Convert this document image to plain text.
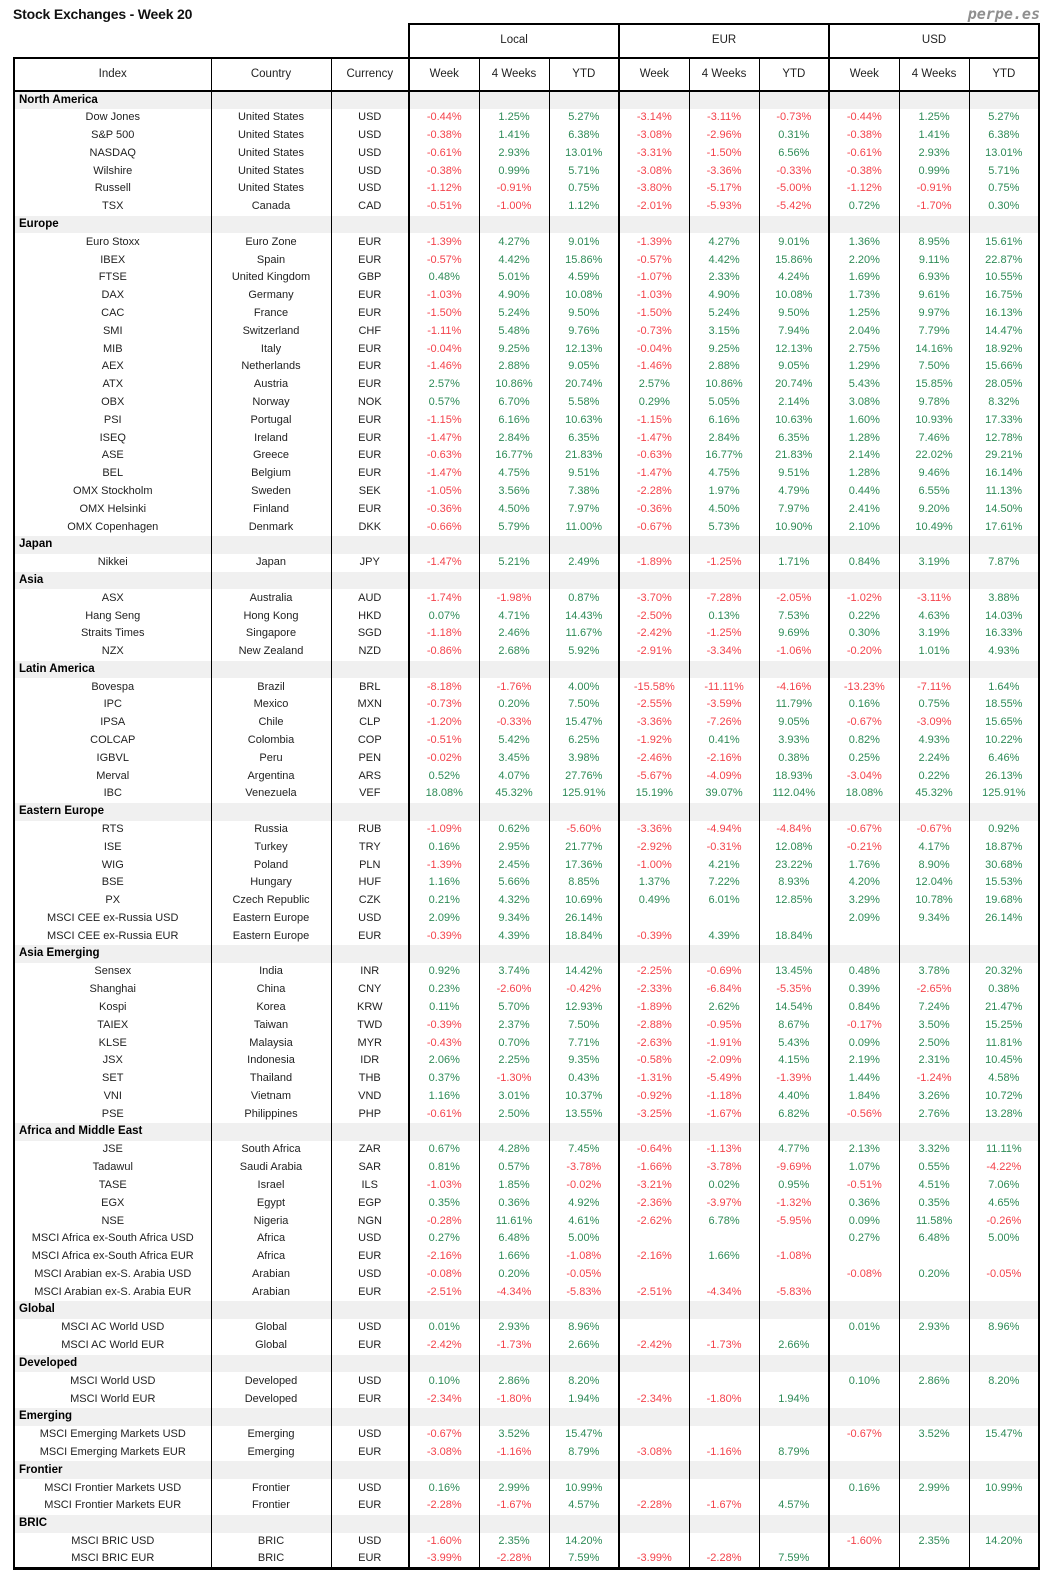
Stock Exchanges - Week 20	perpe.es
			Local			EUR			USD		
Index	Country	Currency	Week	4 Weeks	YTD	Week	4 Weeks	YTD	Week	4 Weeks	YTD
North America											
Dow Jones	United States	USD	-0.44%	1.25%	5.27%	-3.14%	-3.11%	-0.73%	-0.44%	1.25%	5.27%
S&P 500	United States	USD	-0.38%	1.41%	6.38%	-3.08%	-2.96%	0.31%	-0.38%	1.41%	6.38%
NASDAQ	United States	USD	-0.61%	2.93%	13.01%	-3.31%	-1.50%	6.56%	-0.61%	2.93%	13.01%
Wilshire	United States	USD	-0.38%	0.99%	5.71%	-3.08%	-3.36%	-0.33%	-0.38%	0.99%	5.71%
Russell	United States	USD	-1.12%	-0.91%	0.75%	-3.80%	-5.17%	-5.00%	-1.12%	-0.91%	0.75%
TSX	Canada	CAD	-0.51%	-1.00%	1.12%	-2.01%	-5.93%	-5.42%	0.72%	-1.70%	0.30%
Europe											
Euro Stoxx	Euro Zone	EUR	-1.39%	4.27%	9.01%	-1.39%	4.27%	9.01%	1.36%	8.95%	15.61%
IBEX	Spain	EUR	-0.57%	4.42%	15.86%	-0.57%	4.42%	15.86%	2.20%	9.11%	22.87%
FTSE	United Kingdom	GBP	0.48%	5.01%	4.59%	-1.07%	2.33%	4.24%	1.69%	6.93%	10.55%
DAX	Germany	EUR	-1.03%	4.90%	10.08%	-1.03%	4.90%	10.08%	1.73%	9.61%	16.75%
CAC	France	EUR	-1.50%	5.24%	9.50%	-1.50%	5.24%	9.50%	1.25%	9.97%	16.13%
SMI	Switzerland	CHF	-1.11%	5.48%	9.76%	-0.73%	3.15%	7.94%	2.04%	7.79%	14.47%
MIB	Italy	EUR	-0.04%	9.25%	12.13%	-0.04%	9.25%	12.13%	2.75%	14.16%	18.92%
AEX	Netherlands	EUR	-1.46%	2.88%	9.05%	-1.46%	2.88%	9.05%	1.29%	7.50%	15.66%
ATX	Austria	EUR	2.57%	10.86%	20.74%	2.57%	10.86%	20.74%	5.43%	15.85%	28.05%
OBX	Norway	NOK	0.57%	6.70%	5.58%	0.29%	5.05%	2.14%	3.08%	9.78%	8.32%
PSI	Portugal	EUR	-1.15%	6.16%	10.63%	-1.15%	6.16%	10.63%	1.60%	10.93%	17.33%
ISEQ	Ireland	EUR	-1.47%	2.84%	6.35%	-1.47%	2.84%	6.35%	1.28%	7.46%	12.78%
ASE	Greece	EUR	-0.63%	16.77%	21.83%	-0.63%	16.77%	21.83%	2.14%	22.02%	29.21%
BEL	Belgium	EUR	-1.47%	4.75%	9.51%	-1.47%	4.75%	9.51%	1.28%	9.46%	16.14%
OMX Stockholm	Sweden	SEK	-1.05%	3.56%	7.38%	-2.28%	1.97%	4.79%	0.44%	6.55%	11.13%
OMX Helsinki	Finland	EUR	-0.36%	4.50%	7.97%	-0.36%	4.50%	7.97%	2.41%	9.20%	14.50%
OMX Copenhagen	Denmark	DKK	-0.66%	5.79%	11.00%	-0.67%	5.73%	10.90%	2.10%	10.49%	17.61%
Japan											
Nikkei	Japan	JPY	-1.47%	5.21%	2.49%	-1.89%	-1.25%	1.71%	0.84%	3.19%	7.87%
Asia											
ASX	Australia	AUD	-1.74%	-1.98%	0.87%	-3.70%	-7.28%	-2.05%	-1.02%	-3.11%	3.88%
Hang Seng	Hong Kong	HKD	0.07%	4.71%	14.43%	-2.50%	0.13%	7.53%	0.22%	4.63%	14.03%
Straits Times	Singapore	SGD	-1.18%	2.46%	11.67%	-2.42%	-1.25%	9.69%	0.30%	3.19%	16.33%
NZX	New Zealand	NZD	-0.86%	2.68%	5.92%	-2.91%	-3.34%	-1.06%	-0.20%	1.01%	4.93%
Latin America											
Bovespa	Brazil	BRL	-8.18%	-1.76%	4.00%	-15.58%	-11.11%	-4.16%	-13.23%	-7.11%	1.64%
IPC	Mexico	MXN	-0.73%	0.20%	7.50%	-2.55%	-3.59%	11.79%	0.16%	0.75%	18.55%
IPSA	Chile	CLP	-1.20%	-0.33%	15.47%	-3.36%	-7.26%	9.05%	-0.67%	-3.09%	15.65%
COLCAP	Colombia	COP	-0.51%	5.42%	6.25%	-1.92%	0.41%	3.93%	0.82%	4.93%	10.22%
IGBVL	Peru	PEN	-0.02%	3.45%	3.98%	-2.46%	-2.16%	0.38%	0.25%	2.24%	6.46%
Merval	Argentina	ARS	0.52%	4.07%	27.76%	-5.67%	-4.09%	18.93%	-3.04%	0.22%	26.13%
IBC	Venezuela	VEF	18.08%	45.32%	125.91%	15.19%	39.07%	112.04%	18.08%	45.32%	125.91%
Eastern Europe											
RTS	Russia	RUB	-1.09%	0.62%	-5.60%	-3.36%	-4.94%	-4.84%	-0.67%	-0.67%	0.92%
ISE	Turkey	TRY	0.16%	2.95%	21.77%	-2.92%	-0.31%	12.08%	-0.21%	4.17%	18.87%
WIG	Poland	PLN	-1.39%	2.45%	17.36%	-1.00%	4.21%	23.22%	1.76%	8.90%	30.68%
BSE	Hungary	HUF	1.16%	5.66%	8.85%	1.37%	7.22%	8.93%	4.20%	12.04%	15.53%
PX	Czech Republic	CZK	0.21%	4.32%	10.69%	0.49%	6.01%	12.85%	3.29%	10.78%	19.68%
MSCI CEE ex-Russia USD	Eastern Europe	USD	2.09%	9.34%	26.14%				2.09%	9.34%	26.14%
MSCI CEE ex-Russia EUR	Eastern Europe	EUR	-0.39%	4.39%	18.84%	-0.39%	4.39%	18.84%			
Asia Emerging											
Sensex	India	INR	0.92%	3.74%	14.42%	-2.25%	-0.69%	13.45%	0.48%	3.78%	20.32%
Shanghai	China	CNY	0.23%	-2.60%	-0.42%	-2.33%	-6.84%	-5.35%	0.39%	-2.65%	0.38%
Kospi	Korea	KRW	0.11%	5.70%	12.93%	-1.89%	2.62%	14.54%	0.84%	7.24%	21.47%
TAIEX	Taiwan	TWD	-0.39%	2.37%	7.50%	-2.88%	-0.95%	8.67%	-0.17%	3.50%	15.25%
KLSE	Malaysia	MYR	-0.43%	0.70%	7.71%	-2.63%	-1.91%	5.43%	0.09%	2.50%	11.81%
JSX	Indonesia	IDR	2.06%	2.25%	9.35%	-0.58%	-2.09%	4.15%	2.19%	2.31%	10.45%
SET	Thailand	THB	0.37%	-1.30%	0.43%	-1.31%	-5.49%	-1.39%	1.44%	-1.24%	4.58%
VNI	Vietnam	VND	1.16%	3.01%	10.37%	-0.92%	-1.18%	4.40%	1.84%	3.26%	10.72%
PSE	Philippines	PHP	-0.61%	2.50%	13.55%	-3.25%	-1.67%	6.82%	-0.56%	2.76%	13.28%
Africa and Middle East											
JSE	South Africa	ZAR	0.67%	4.28%	7.45%	-0.64%	-1.13%	4.77%	2.13%	3.32%	11.11%
Tadawul	Saudi Arabia	SAR	0.81%	0.57%	-3.78%	-1.66%	-3.78%	-9.69%	1.07%	0.55%	-4.22%
TASE	Israel	ILS	-1.03%	1.85%	-0.02%	-3.21%	0.02%	0.95%	-0.51%	4.51%	7.06%
EGX	Egypt	EGP	0.35%	0.36%	4.92%	-2.36%	-3.97%	-1.32%	0.36%	0.35%	4.65%
NSE	Nigeria	NGN	-0.28%	11.61%	4.61%	-2.62%	6.78%	-5.95%	0.09%	11.58%	-0.26%
MSCI Africa ex-South Africa USD	Africa	USD	0.27%	6.48%	5.00%				0.27%	6.48%	5.00%
MSCI Africa ex-South Africa EUR	Africa	EUR	-2.16%	1.66%	-1.08%	-2.16%	1.66%	-1.08%			
MSCI Arabian ex-S. Arabia USD	Arabian	USD	-0.08%	0.20%	-0.05%				-0.08%	0.20%	-0.05%
MSCI Arabian ex-S. Arabia EUR	Arabian	EUR	-2.51%	-4.34%	-5.83%	-2.51%	-4.34%	-5.83%			
Global											
MSCI AC World USD	Global	USD	0.01%	2.93%	8.96%				0.01%	2.93%	8.96%
MSCI AC World EUR	Global	EUR	-2.42%	-1.73%	2.66%	-2.42%	-1.73%	2.66%			
Developed											
MSCI World USD	Developed	USD	0.10%	2.86%	8.20%				0.10%	2.86%	8.20%
MSCI World EUR	Developed	EUR	-2.34%	-1.80%	1.94%	-2.34%	-1.80%	1.94%			
Emerging											
MSCI Emerging Markets USD	Emerging	USD	-0.67%	3.52%	15.47%				-0.67%	3.52%	15.47%
MSCI Emerging Markets EUR	Emerging	EUR	-3.08%	-1.16%	8.79%	-3.08%	-1.16%	8.79%			
Frontier											
MSCI Frontier Markets USD	Frontier	USD	0.16%	2.99%	10.99%				0.16%	2.99%	10.99%
MSCI Frontier Markets EUR	Frontier	EUR	-2.28%	-1.67%	4.57%	-2.28%	-1.67%	4.57%			
BRIC											
MSCI BRIC USD	BRIC	USD	-1.60%	2.35%	14.20%				-1.60%	2.35%	14.20%
MSCI BRIC EUR	BRIC	EUR	-3.99%	-2.28%	7.59%	-3.99%	-2.28%	7.59%			
